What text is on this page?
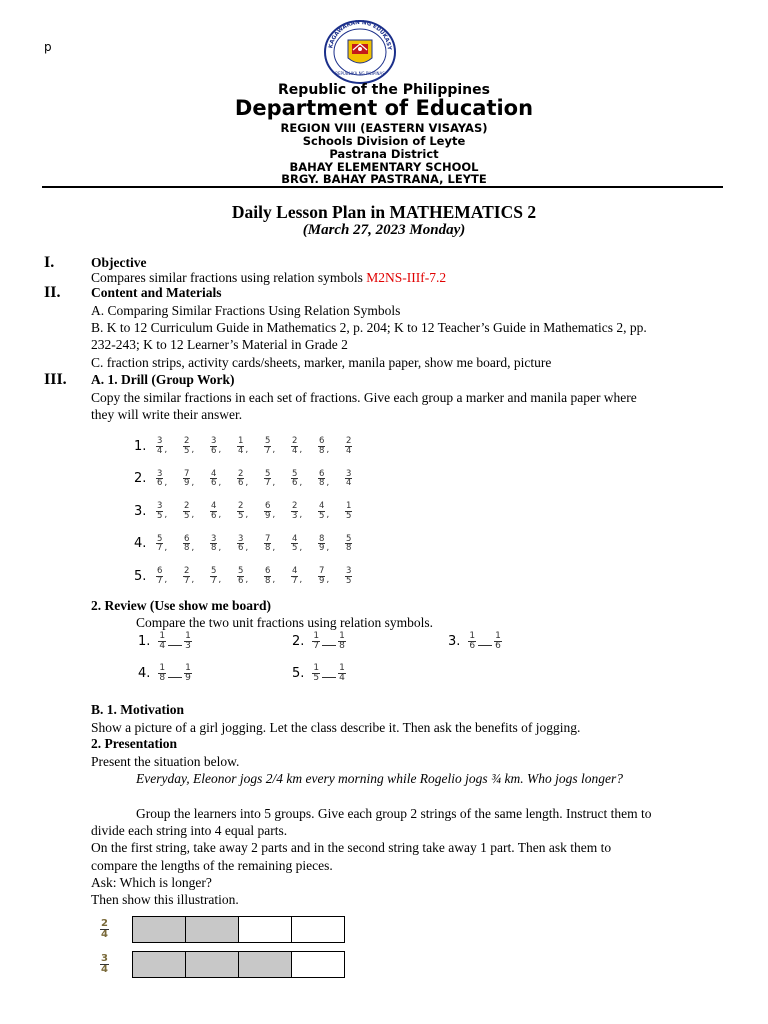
p	KAGAWARAN NG EDUKASY
REPUBLIKA NG PILIPINAS
Republic of the Philippines
Department of Education
REGION VIII (EASTERN VISAYAS)
Schools Division of Leyte
Pastrana District
BAHAY ELEMENTARY SCHOOL
BRGY. BAHAY PASTRANA, LEYTE
Daily Lesson Plan in MATHEMATICS 2
(March 27, 2023 Monday)
I.	Objective
Compares similar fractions using relation symbols M2NS-IIIf-7.2
II. Content and Materials
A. Comparing Similar Fractions Using Relation Symbols
B. K to 12 Curriculum Guide in Mathematics 2, p. 204; K to 12 Teacher’s Guide in Mathematics 2, pp.
232-243; K to 12 Learner’s Material in Grade 2
C. fraction strips, activity cards/sheets, marker, manila paper, show me board, picture
III. A. 1. Drill (Group Work)
Copy the similar fractions in each set of fractions. Give each group a marker and manila paper where
they will write their answer.
1.	$\frac{3}{4}$ , $\frac{2}{5}$ , $\frac{3}{6}$ , $\frac{1}{4}$ , $\frac{5}{7}$ , $\frac{2}{4}$ , $\frac{6}{8}$ , $\frac{2}{4}$
2.	$\frac{3}{6}$ , $\frac{7}{9}$ , $\frac{4}{6}$ , $\frac{2}{6}$ , $\frac{5}{7}$ , $\frac{5}{6}$ , $\frac{6}{8}$ , $\frac{3}{4}$
3.	$\frac{3}{5}$ , $\frac{2}{5}$ , $\frac{4}{6}$ , $\frac{2}{5}$ , $\frac{6}{9}$ , $\frac{2}{3}$ , $\frac{4}{5}$ , $\frac{1}{5}$
4.	$\frac{5}{7}$ , $\frac{6}{8}$ , $\frac{3}{8}$ , $\frac{3}{6}$ , $\frac{7}{8}$ , $\frac{4}{5}$ , $\frac{8}{9}$ , $\frac{5}{8}$
5.	$\frac{6}{7}$ , $\frac{2}{7}$ , $\frac{5}{7}$ , $\frac{5}{6}$ , $\frac{6}{8}$ , $\frac{4}{7}$ , $\frac{7}{9}$ , $\frac{3}{5}$
2. Review (Use show me board)
Compare the two unit fractions using relation symbols.
1. $\frac{1}{4} \frac{1}{3}$	2. $\frac{1}{7} \frac{1}{8}$	3. $\frac{1}{6} \frac{1}{6}$
4. $\frac{1}{8} \frac{1}{9}$	5. $\frac{1}{5} \frac{1}{4}$
B. 1. Motivation
Show a picture of a girl jogging. Let the class describe it. Then ask the benefits of jogging.
2. Presentation
Present the situation below.
Everyday, Eleonor jogs 2/4 km every morning while Rogelio jogs ¾ km. Who jogs longer?
Group the learners into 5 groups. Give each group 2 strings of the same length. Instruct them to
divide each string into 4 equal parts.
On the first string, take away 2 parts and in the second string take away 1 part. Then ask them to
compare the lengths of the remaining pieces.
Ask: Which is longer?
Then show this illustration.
$\frac{2}{4}$
$\frac{3}{4}$
